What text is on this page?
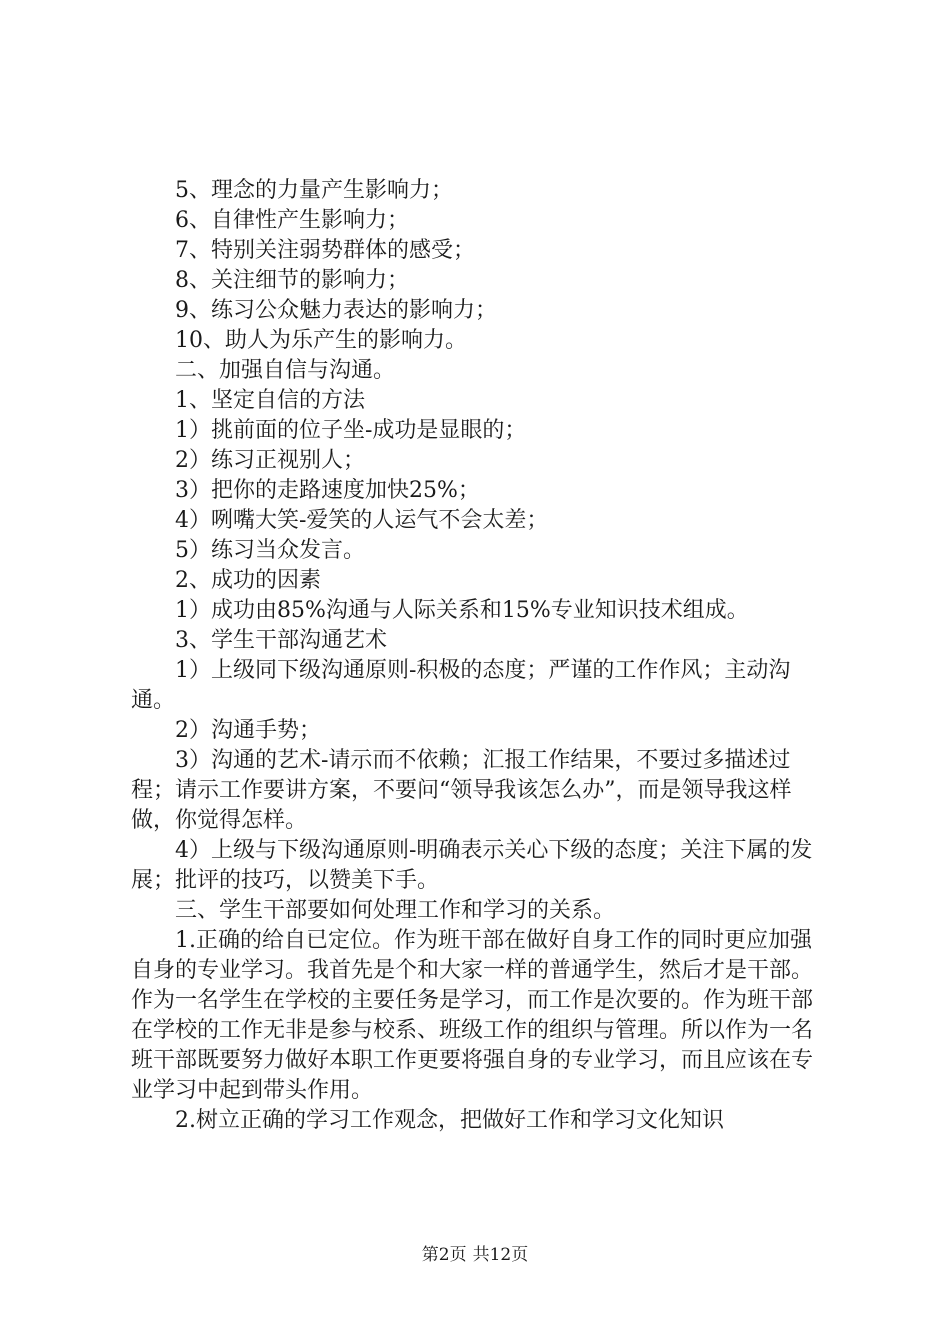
5、理念的力量产生影响力；

6、自律性产生影响力；

7、特别关注弱势群体的感受；

8、关注细节的影响力；

9、练习公众魅力表达的影响力；

10、助人为乐产生的影响力。

二、加强自信与沟通。

1、坚定自信的方法

1）挑前面的位子坐-成功是显眼的；

2）练习正视别人；

3）把你的走路速度加快25%；

4）咧嘴大笑-爱笑的人运气不会太差；

5）练习当众发言。

2、成功的因素

1）成功由85%沟通与人际关系和15%专业知识技术组成。

3、学生干部沟通艺术

1）上级同下级沟通原则-积极的态度；严谨的工作作风；主动沟通。

2）沟通手势；

3）沟通的艺术-请示而不依赖；汇报工作结果，不要过多描述过程；请示工作要讲方案，不要问“领导我该怎么办”，而是领导我这样做，你觉得怎样。

4）上级与下级沟通原则-明确表示关心下级的态度；关注下属的发展；批评的技巧，以赞美下手。

三、学生干部要如何处理工作和学习的关系。

1.正确的给自已定位。作为班干部在做好自身工作的同时更应加强自身的专业学习。我首先是个和大家一样的普通学生，然后才是干部。作为一名学生在学校的主要任务是学习，而工作是次要的。作为班干部在学校的工作无非是参与校系、班级工作的组织与管理。所以作为一名班干部既要努力做好本职工作更要将强自身的专业学习，而且应该在专业学习中起到带头作用。

2.树立正确的学习工作观念，把做好工作和学习文化知识

第2页 共12页
